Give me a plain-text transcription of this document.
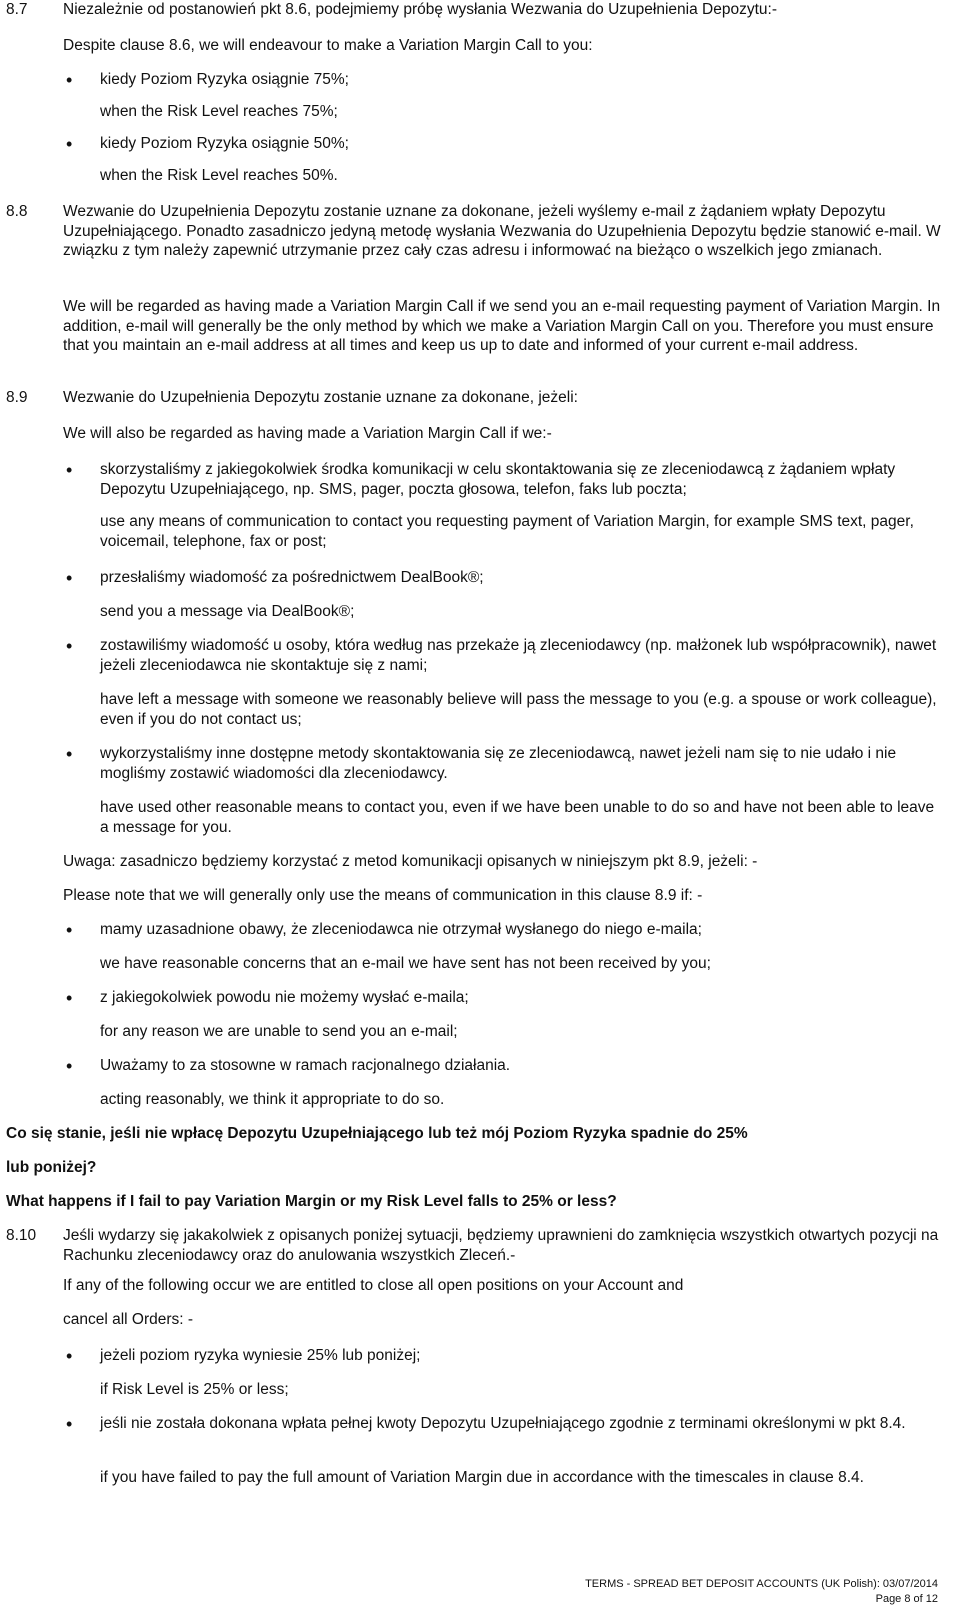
8.7 Niezależnie od postanowień pkt 8.6, podejmiemy próbę wysłania Wezwania do Uzupełnienia Depozytu:-

Despite clause 8.6, we will endeavour to make a Variation Margin Call to you:

• kiedy Poziom Ryzyka osiągnie 75%;

when the Risk Level reaches 75%;

• kiedy Poziom Ryzyka osiągnie 50%;

when the Risk Level reaches 50%.

8.8 Wezwanie do Uzupełnienia Depozytu zostanie uznane za dokonane, jeżeli wyślemy e-mail z żądaniem wpłaty Depozytu Uzupełniającego. Ponadto zasadniczo jedyną metodę wysłania Wezwania do Uzupełnienia Depozytu będzie stanowić e-mail. W związku z tym należy zapewnić utrzymanie przez cały czas adresu i informować na bieżąco o wszelkich jego zmianach.

We will be regarded as having made a Variation Margin Call if we send you an e-mail requesting payment of Variation Margin. In addition, e-mail will generally be the only method by which we make a Variation Margin Call on you. Therefore you must ensure that you maintain an e-mail address at all times and keep us up to date and informed of your current e-mail address.

8.9 Wezwanie do Uzupełnienia Depozytu zostanie uznane za dokonane, jeżeli:

We will also be regarded as having made a Variation Margin Call if we:-

• skorzystaliśmy z jakiegokolwiek środka komunikacji w celu skontaktowania się ze zleceniodawcą z żądaniem wpłaty Depozytu Uzupełniającego, np. SMS, pager, poczta głosowa, telefon, faks lub poczta;

use any means of communication to contact you requesting payment of Variation Margin, for example SMS text, pager, voicemail, telephone, fax or post;

• przesłaliśmy wiadomość za pośrednictwem DealBook®;

send you a message via DealBook®;

• zostawiliśmy wiadomość u osoby, która według nas przekaże ją zleceniodawcy (np. małżonek lub współpracownik), nawet jeżeli zleceniodawca nie skontaktuje się z nami;

have left a message with someone we reasonably believe will pass the message to you (e.g. a spouse or work colleague), even if you do not contact us;

• wykorzystaliśmy inne dostępne metody skontaktowania się ze zleceniodawcą, nawet jeżeli nam się to nie udało i nie mogliśmy zostawić wiadomości dla zleceniodawcy.

have used other reasonable means to contact you, even if we have been unable to do so and have not been able to leave a message for you.

Uwaga: zasadniczo będziemy korzystać z metod komunikacji opisanych w niniejszym pkt 8.9, jeżeli: -

Please note that we will generally only use the means of communication in this clause 8.9 if: -

• mamy uzasadnione obawy, że zleceniodawca nie otrzymał wysłanego do niego e-maila;

we have reasonable concerns that an e-mail we have sent has not been received by you;

• z jakiegokolwiek powodu nie możemy wysłać e-maila;

for any reason we are unable to send you an e-mail;

• Uważamy to za stosowne w ramach racjonalnego działania.

acting reasonably, we think it appropriate to do so.

Co się stanie, jeśli nie wpłacę Depozytu Uzupełniającego lub też mój Poziom Ryzyka spadnie do 25%

lub poniżej?

What happens if I fail to pay Variation Margin or my Risk Level falls to 25% or less?

8.10 Jeśli wydarzy się jakakolwiek z opisanych poniżej sytuacji, będziemy uprawnieni do zamknięcia wszystkich otwartych pozycji na Rachunku zleceniodawcy oraz do anulowania wszystkich Zleceń.-

If any of the following occur we are entitled to close all open positions on your Account and

cancel all Orders: -

• jeżeli poziom ryzyka wyniesie 25% lub poniżej;

if Risk Level is 25% or less;

• jeśli nie została dokonana wpłata pełnej kwoty Depozytu Uzupełniającego zgodnie z terminami określonymi w pkt 8.4.

if you have failed to pay the full amount of Variation Margin due in accordance with the timescales in clause 8.4.

TERMS - SPREAD BET DEPOSIT ACCOUNTS (UK Polish): 03/07/2014

Page 8 of 12
